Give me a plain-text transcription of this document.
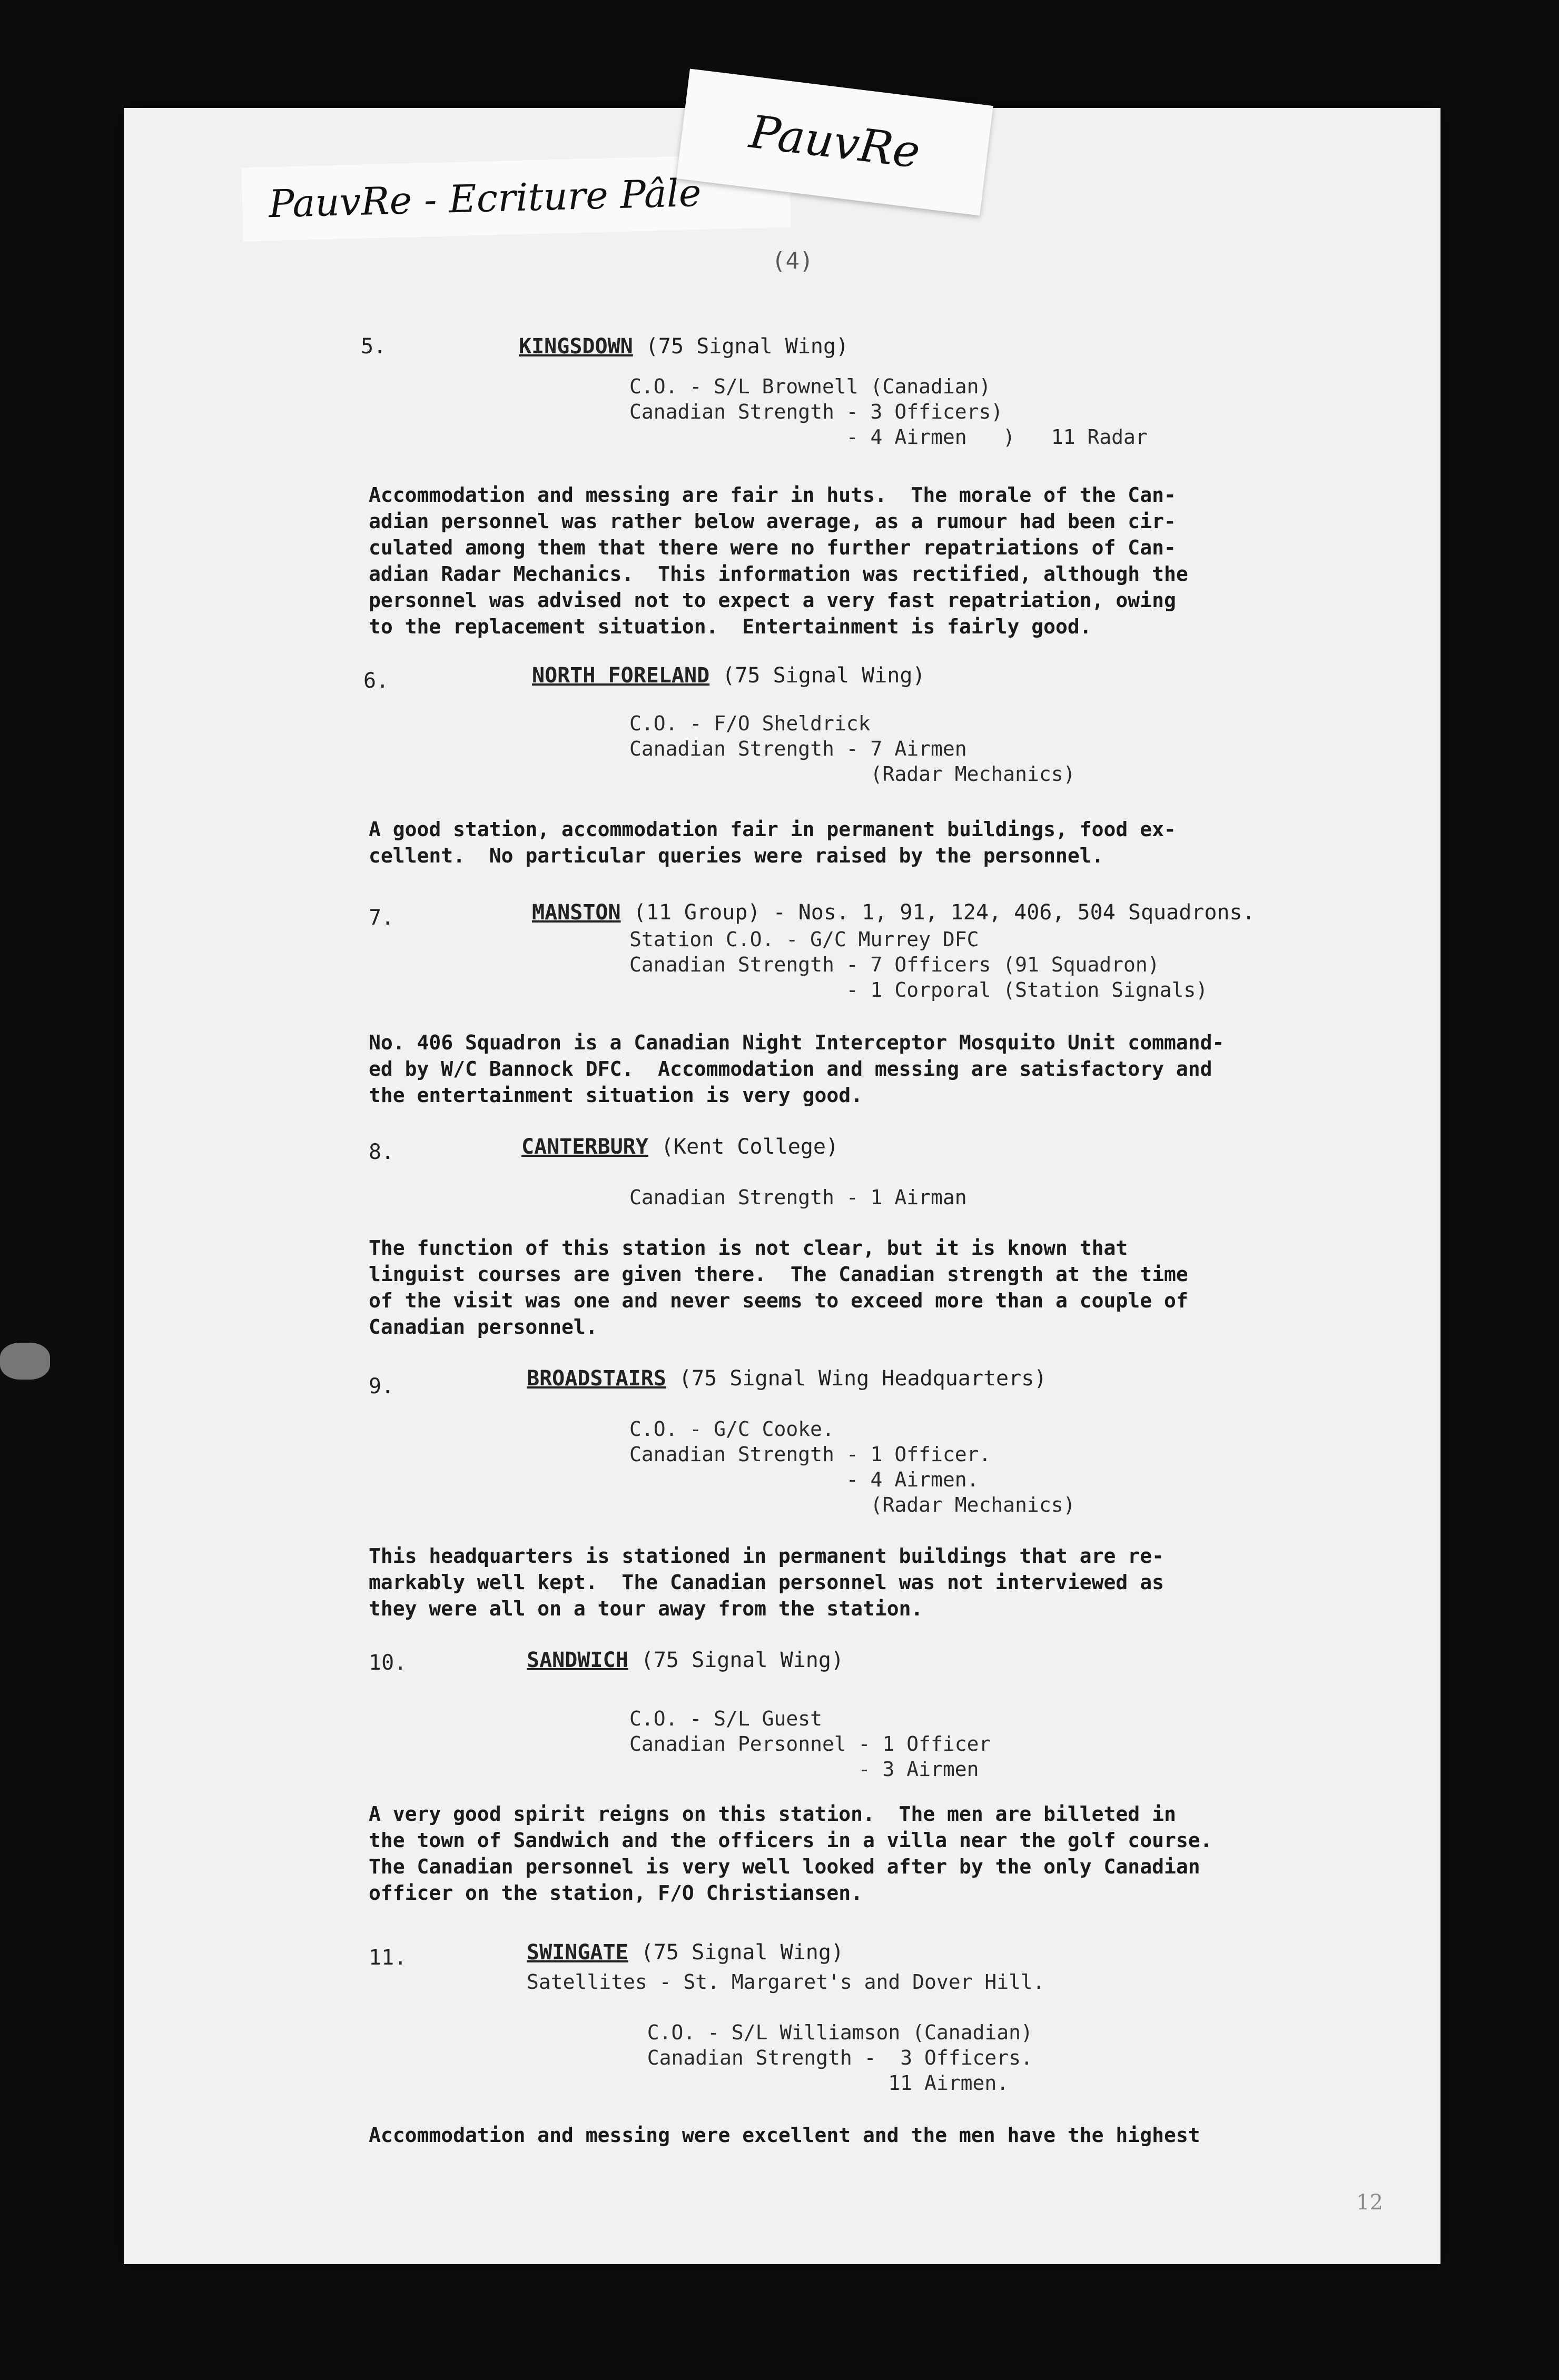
PauvRe - Ecriture Pâle
PauvRe
(4)
5.	KINGSDOWN (75 Signal Wing)
C.O. - S/L Brownell (Canadian)
Canadian Strength - 3 Officers)
- 4 Airmen   )   11 Radar
Accommodation and messing are fair in huts.  The morale of the Can-
adian personnel was rather below average, as a rumour had been cir-
culated among them that there were no further repatriations of Can-
adian Radar Mechanics.  This information was rectified, although the
personnel was advised not to expect a very fast repatriation, owing
to the replacement situation.  Entertainment is fairly good.
6.	NORTH FORELAND (75 Signal Wing)
C.O. - F/O Sheldrick
Canadian Strength - 7 Airmen
(Radar Mechanics)
A good station, accommodation fair in permanent buildings, food ex-
cellent.  No particular queries were raised by the personnel.
7.	MANSTON (11 Group) - Nos. 1, 91, 124, 406, 504 Squadrons.
Station C.O. - G/C Murrey DFC
Canadian Strength - 7 Officers (91 Squadron)
- 1 Corporal (Station Signals)
No. 406 Squadron is a Canadian Night Interceptor Mosquito Unit command-
ed by W/C Bannock DFC.  Accommodation and messing are satisfactory and
the entertainment situation is very good.
8.	CANTERBURY (Kent College)
Canadian Strength - 1 Airman
The function of this station is not clear, but it is known that
linguist courses are given there.  The Canadian strength at the time
of the visit was one and never seems to exceed more than a couple of
Canadian personnel.
9.	BROADSTAIRS (75 Signal Wing Headquarters)
C.O. - G/C Cooke.
Canadian Strength - 1 Officer.
- 4 Airmen.
(Radar Mechanics)
This headquarters is stationed in permanent buildings that are re-
markably well kept.  The Canadian personnel was not interviewed as
they were all on a tour away from the station.
10.	SANDWICH (75 Signal Wing)
C.O. - S/L Guest
Canadian Personnel - 1 Officer
- 3 Airmen
A very good spirit reigns on this station.  The men are billeted in
the town of Sandwich and the officers in a villa near the golf course.
The Canadian personnel is very well looked after by the only Canadian
officer on the station, F/O Christiansen.
11.	SWINGATE (75 Signal Wing)
Satellites - St. Margaret's and Dover Hill.

C.O. - S/L Williamson (Canadian)
Canadian Strength -  3 Officers.
11 Airmen.
Accommodation and messing were excellent and the men have the highest
12
